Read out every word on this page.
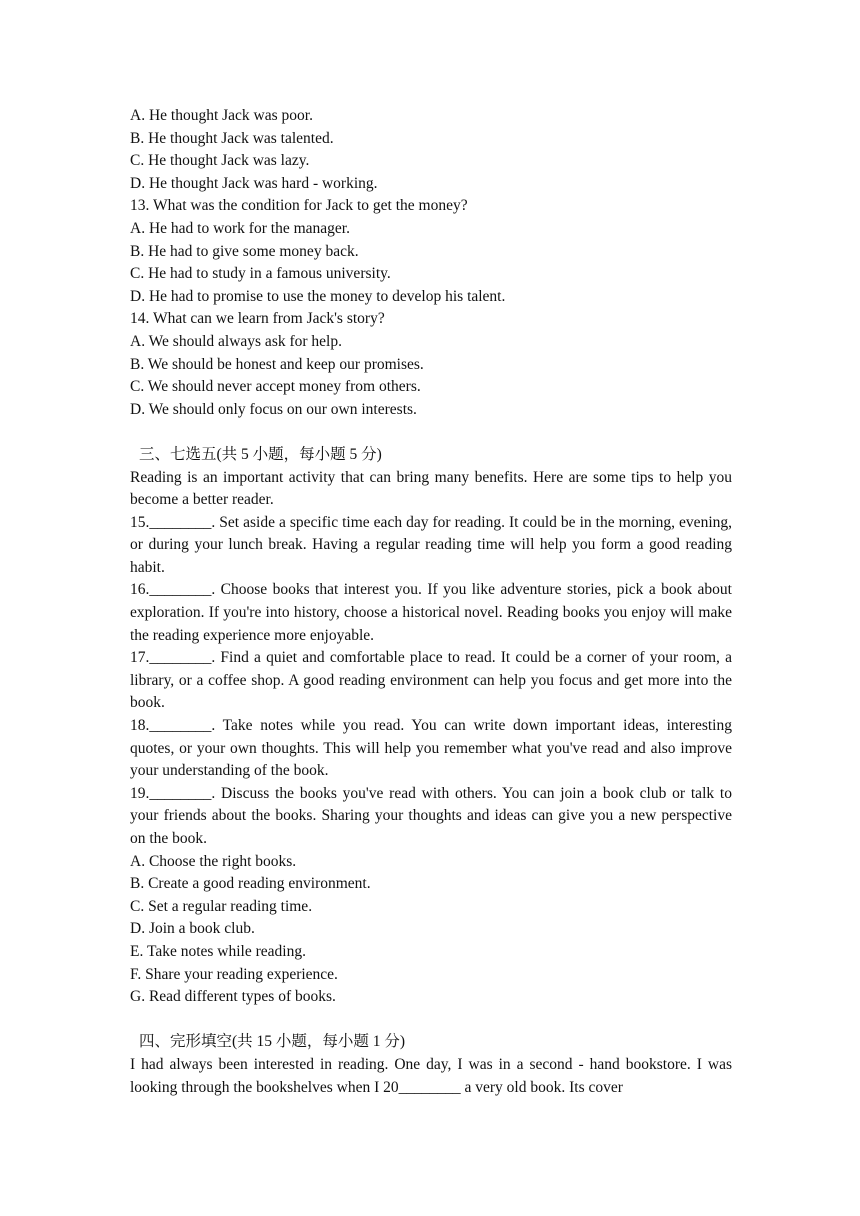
A. He thought Jack was poor.

B. He thought Jack was talented.

C. He thought Jack was lazy.

D. He thought Jack was hard - working.

13. What was the condition for Jack to get the money?

A. He had to work for the manager.

B. He had to give some money back.

C. He had to study in a famous university.

D. He had to promise to use the money to develop his talent.

14. What can we learn from Jack's story?

A. We should always ask for help.

B. We should be honest and keep our promises.

C. We should never accept money from others.

D. We should only focus on our own interests.

三、七选五(共 5 小题，每小题 5 分)

Reading is an important activity that can bring many benefits. Here are some tips to help you become a better reader.

15.________. Set aside a specific time each day for reading. It could be in the morning, evening, or during your lunch break. Having a regular reading time will help you form a good reading habit.

16.________. Choose books that interest you. If you like adventure stories, pick a book about exploration. If you're into history, choose a historical novel. Reading books you enjoy will make the reading experience more enjoyable.

17.________. Find a quiet and comfortable place to read. It could be a corner of your room, a library, or a coffee shop. A good reading environment can help you focus and get more into the book.

18.________. Take notes while you read. You can write down important ideas, interesting quotes, or your own thoughts. This will help you remember what you've read and also improve your understanding of the book.

19.________. Discuss the books you've read with others. You can join a book club or talk to your friends about the books. Sharing your thoughts and ideas can give you a new perspective on the book.

A. Choose the right books.

B. Create a good reading environment.

C. Set a regular reading time.

D. Join a book club.

E. Take notes while reading.

F. Share your reading experience.

G. Read different types of books.

四、完形填空(共 15 小题，每小题 1 分)

I had always been interested in reading. One day, I was in a second - hand bookstore. I was looking through the bookshelves when I 20________ a very old book. Its cover
